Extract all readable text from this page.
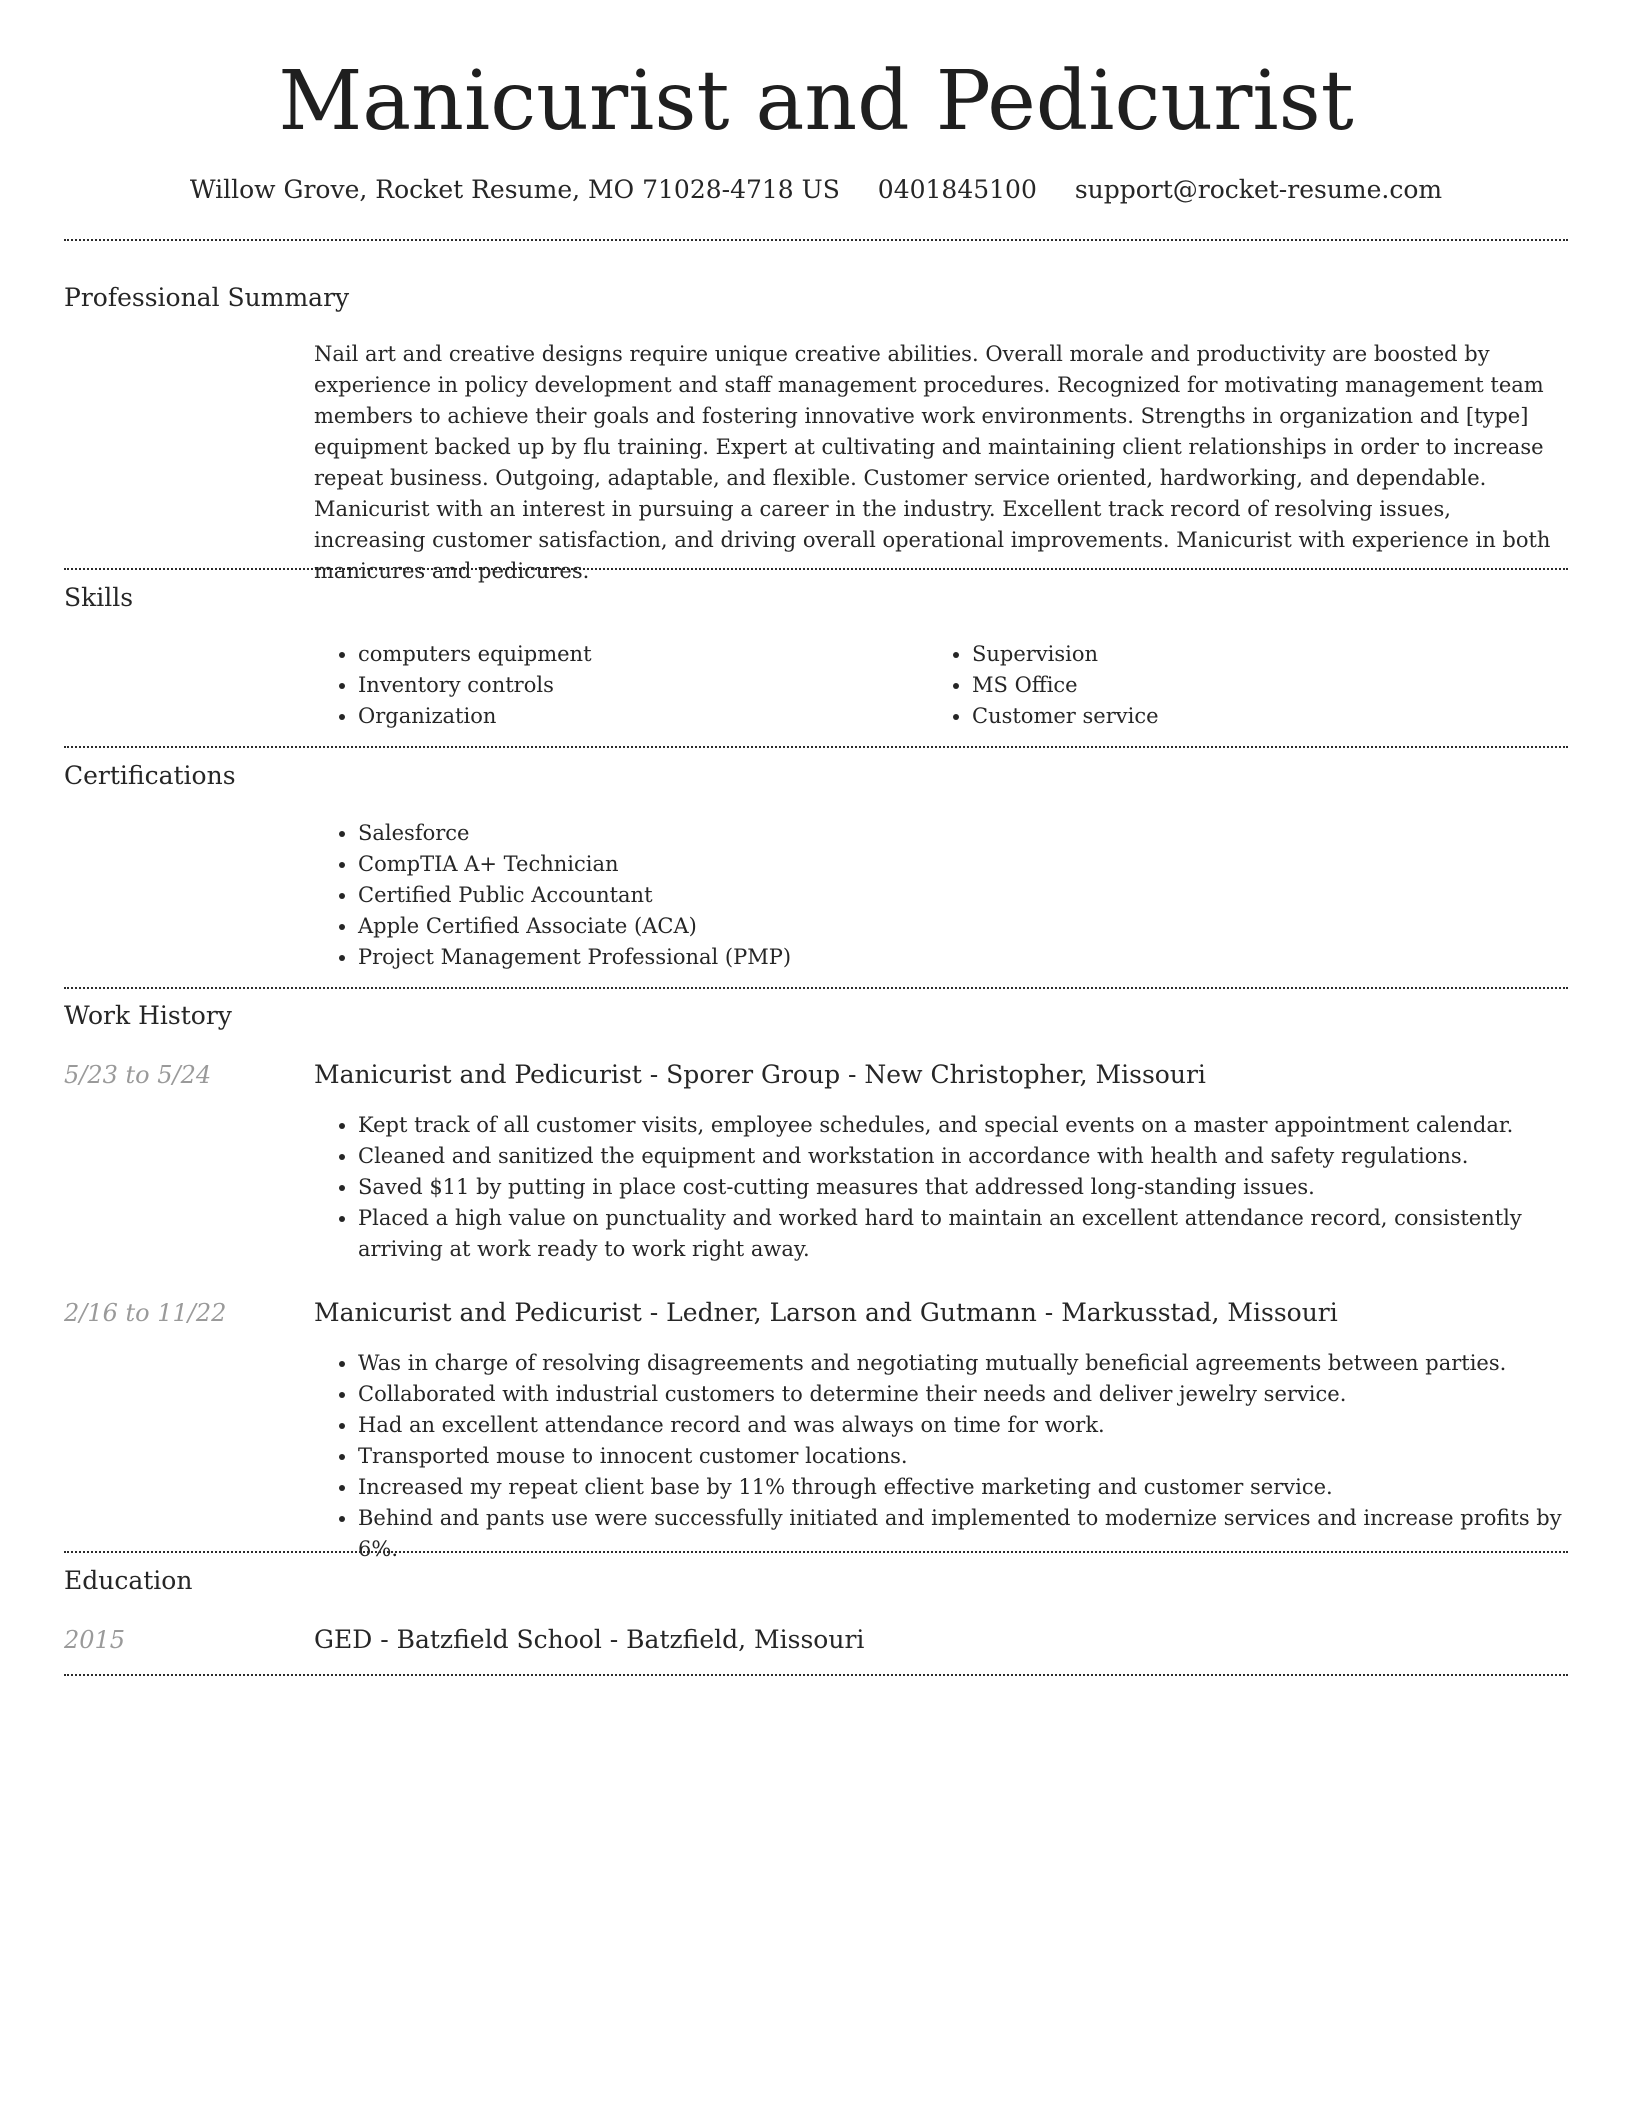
Manicurist and Pedicurist
Willow Grove, Rocket Resume, MO 71028-4718 US 0401845100 support@rocket-resume.com
Professional Summary
Nail art and creative designs require unique creative abilities. Overall morale and productivity are boosted by experience in policy development and staff management procedures. Recognized for motivating management team members to achieve their goals and fostering innovative work environments. Strengths in organization and [type] equipment backed up by flu training. Expert at cultivating and maintaining client relationships in order to increase repeat business. Outgoing, adaptable, and flexible. Customer service oriented, hardworking, and dependable. Manicurist with an interest in pursuing a career in the industry. Excellent track record of resolving issues, increasing customer satisfaction, and driving overall operational improvements. Manicurist with experience in both manicures and pedicures.
Skills
• computers equipment
• Inventory controls
• Organization
• Supervision
• MS Office
• Customer service
Certifications
• Salesforce
• CompTIA A+ Technician
• Certified Public Accountant
• Apple Certified Associate (ACA)
• Project Management Professional (PMP)
Work History
5/23 to 5/24	Manicurist and Pedicurist - Sporer Group - New Christopher, Missouri
• Kept track of all customer visits, employee schedules, and special events on a master appointment calendar.
• Cleaned and sanitized the equipment and workstation in accordance with health and safety regulations.
• Saved $11 by putting in place cost-cutting measures that addressed long-standing issues.
• Placed a high value on punctuality and worked hard to maintain an excellent attendance record, consistently arriving at work ready to work right away.
2/16 to 11/22	Manicurist and Pedicurist - Ledner, Larson and Gutmann - Markusstad, Missouri
• Was in charge of resolving disagreements and negotiating mutually beneficial agreements between parties.
• Collaborated with industrial customers to determine their needs and deliver jewelry service.
• Had an excellent attendance record and was always on time for work.
• Transported mouse to innocent customer locations.
• Increased my repeat client base by 11% through effective marketing and customer service.
• Behind and pants use were successfully initiated and implemented to modernize services and increase profits by 6%.
Education
2015	GED - Batzfield School - Batzfield, Missouri
